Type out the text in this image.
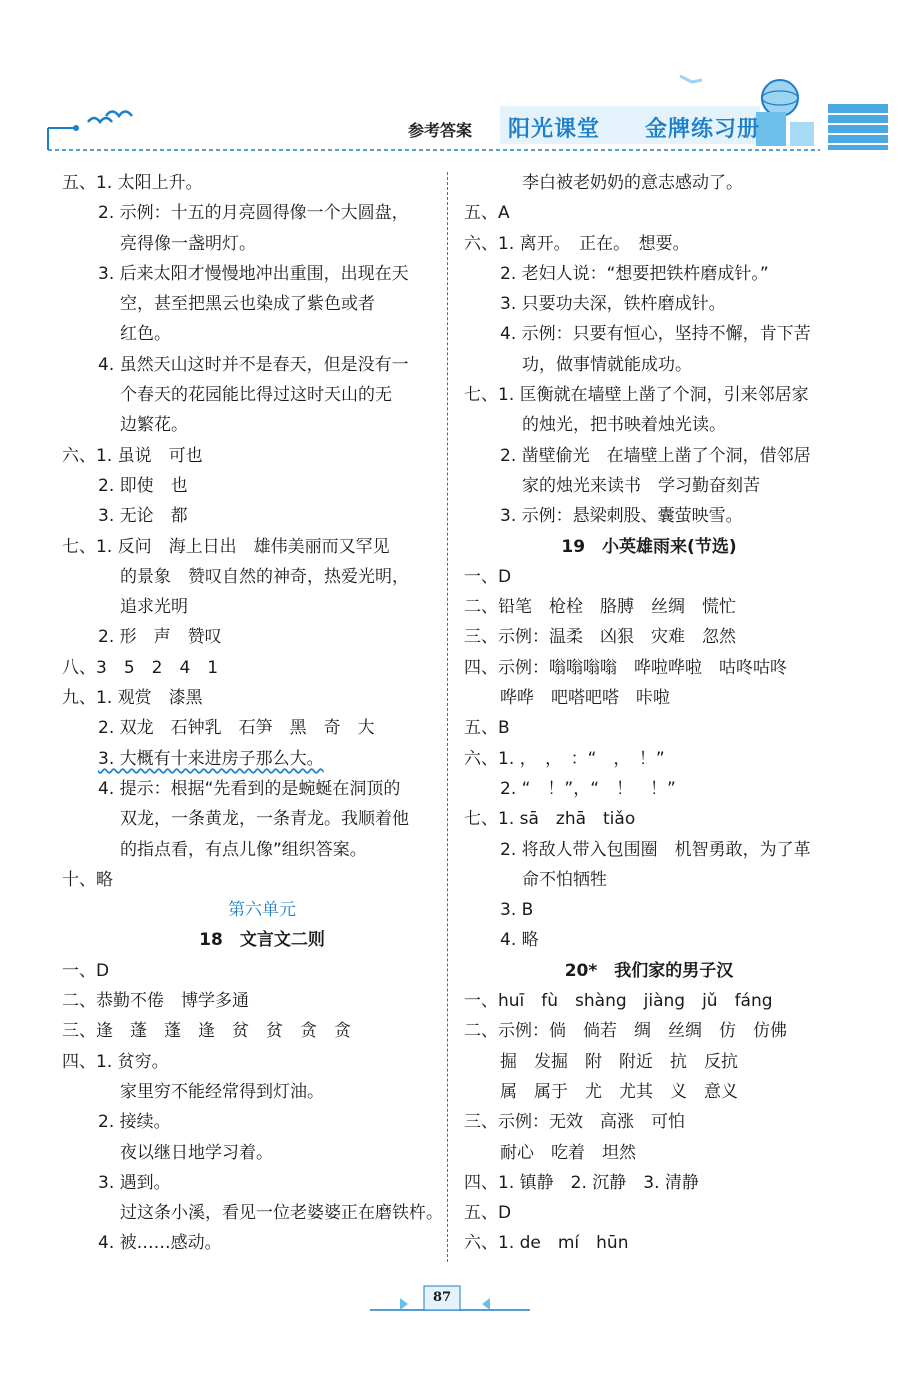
参考答案 阳光课堂 金牌练习册
五、1. 太阳上升。
2. 示例：十五的月亮圆得像一个大圆盘，
亮得像一盏明灯。
3. 后来太阳才慢慢地冲出重围，出现在天
空，甚至把黑云也染成了紫色或者
红色。
4. 虽然天山这时并不是春天，但是没有一
个春天的花园能比得过这时天山的无
边繁花。
六、1. 虽说　可也
2. 即使　也
3. 无论　都
七、1. 反问　海上日出　雄伟美丽而又罕见
的景象　赞叹自然的神奇，热爱光明，
追求光明
2. 形　声　赞叹
八、3　5　2　4　1
九、1. 观赏　漆黑
2. 双龙　石钟乳　石笋　黑　奇　大
3. 大概有十来进房子那么大。
4. 提示：根据“先看到的是蜿蜒在洞顶的
双龙，一条黄龙，一条青龙。我顺着他
的指点看，有点儿像”组织答案。
十、略
第六单元
18　文言文二则
一、D
二、恭勤不倦　博学多通
三、逢　蓬　蓬　逢　贫　贫　贪　贪
四、1. 贫穷。
家里穷不能经常得到灯油。
2. 接续。
夜以继日地学习着。
3. 遇到。
过这条小溪，看见一位老婆婆正在磨铁杵。
4. 被……感动。
李白被老奶奶的意志感动了。
五、A
六、1. 离开。　正在。　想要。
2. 老妇人说：“想要把铁杵磨成针。”
3. 只要功夫深，铁杵磨成针。
4. 示例：只要有恒心，坚持不懈，肯下苦
功，做事情就能成功。
七、1. 匡衡就在墙壁上凿了个洞，引来邻居家
的烛光，把书映着烛光读。
2. 凿壁偷光　在墙壁上凿了个洞，借邻居
家的烛光来读书　学习勤奋刻苦
3. 示例：悬梁刺股、囊萤映雪。
19　小英雄雨来(节选)
一、D
二、铅笔　枪栓　胳膊　丝绸　慌忙
三、示例：温柔　凶狠　灾难　忽然
四、示例：嗡嗡嗡嗡　哗啦哗啦　咕咚咕咚
哗哗　吧嗒吧嗒　咔啦
五、B
六、1. ，　，　：“　，　！”
2. “　！”，“　！　！”
七、1. sā　zhā　tiǎo
2. 将敌人带入包围圈　机智勇敢，为了革
命不怕牺牲
3. B
4. 略
20*　我们家的男子汉
一、huī　fù　shàng　jiàng　jǔ　fáng
二、示例：倘　倘若　绸　丝绸　仿　仿佛
掘　发掘　附　附近　抗　反抗
属　属于　尤　尤其　义　意义
三、示例：无效　高涨　可怕
耐心　吃着　坦然
四、1. 镇静　2. 沉静　3. 清静
五、D
六、1. de　mí　hūn
87
